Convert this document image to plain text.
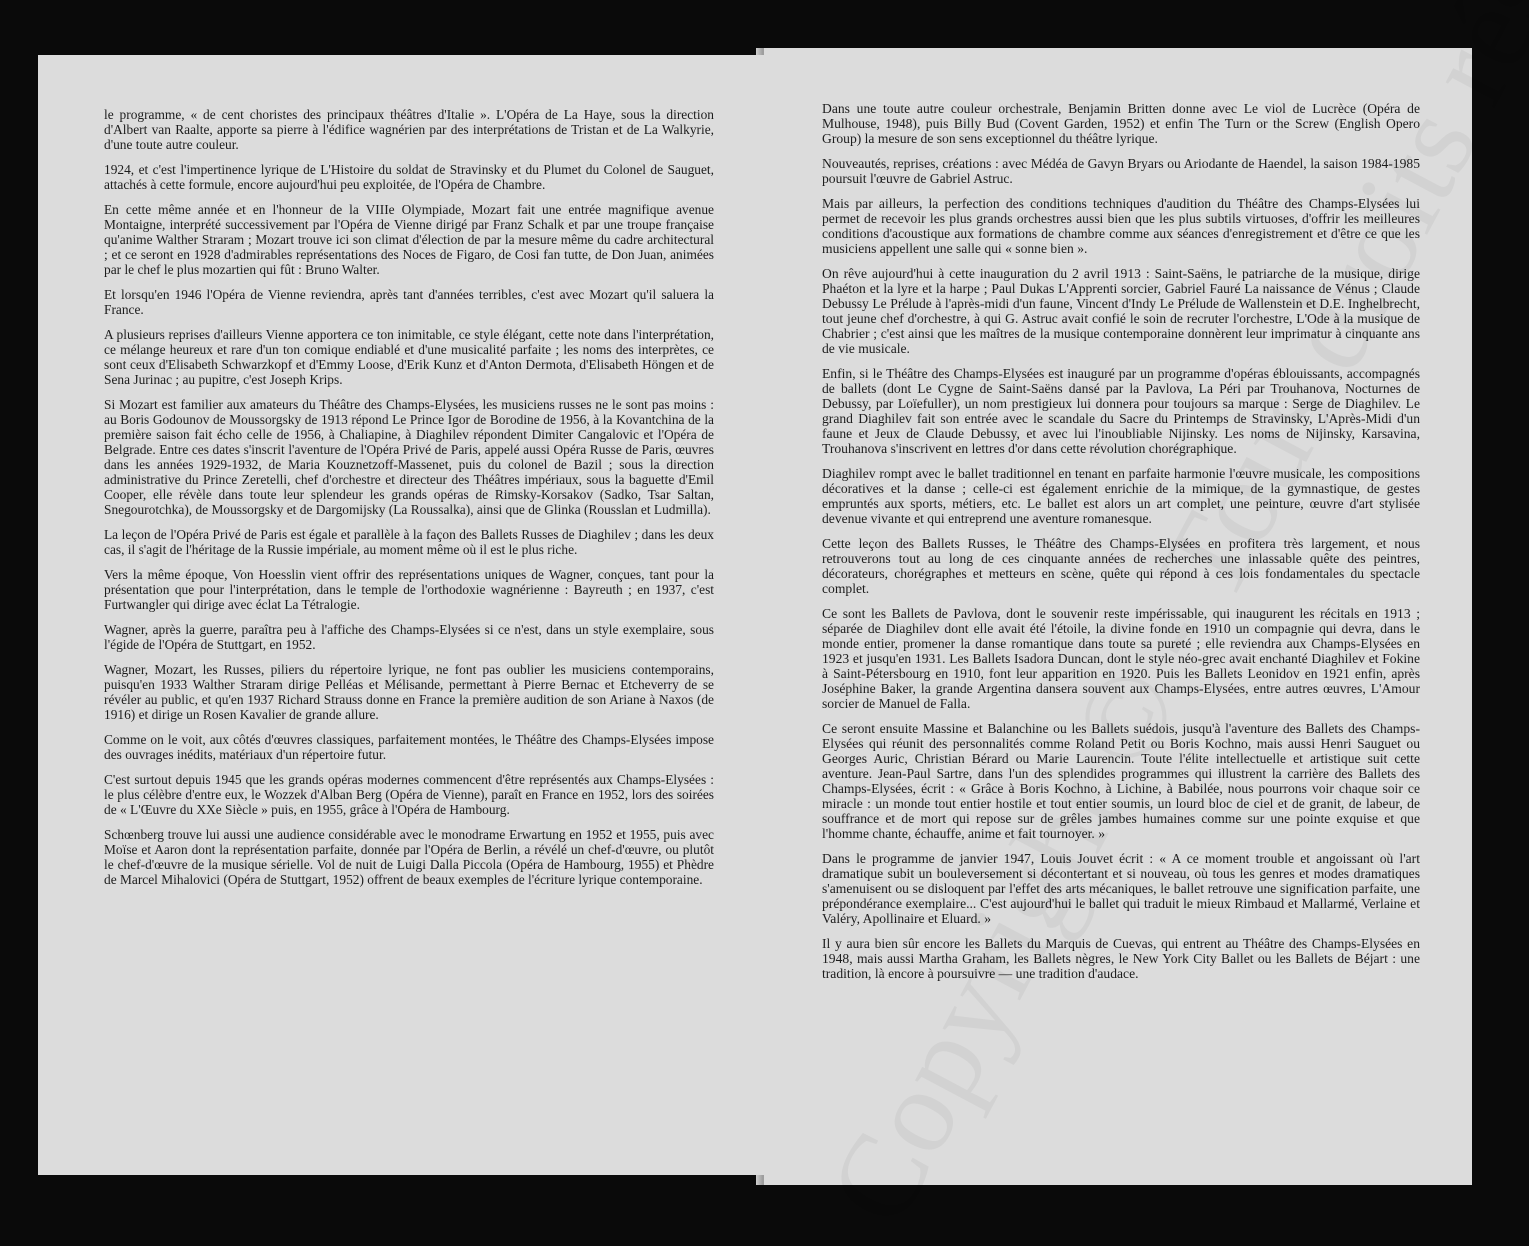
le programme, « de cent choristes des principaux théâtres d'Italie ». L'Opéra de La Haye, sous la direction d'Albert van Raalte, apporte sa pierre à l'édifice wagnérien par des interprétations de Tristan et de La Walkyrie, d'une toute autre couleur.

1924, et c'est l'impertinence lyrique de L'Histoire du soldat de Stravinsky et du Plumet du Colonel de Sauguet, attachés à cette formule, encore aujourd'hui peu exploitée, de l'Opéra de Chambre.

En cette même année et en l'honneur de la VIIIe Olympiade, Mozart fait une entrée magnifique avenue Montaigne, interprété successivement par l'Opéra de Vienne dirigé par Franz Schalk et par une troupe française qu'anime Walther Straram ; Mozart trouve ici son climat d'élection de par la mesure même du cadre architectural ; et ce seront en 1928 d'admirables représentations des Noces de Figaro, de Cosi fan tutte, de Don Juan, animées par le chef le plus mozartien qui fût : Bruno Walter.

Et lorsqu'en 1946 l'Opéra de Vienne reviendra, après tant d'années terribles, c'est avec Mozart qu'il saluera la France.

A plusieurs reprises d'ailleurs Vienne apportera ce ton inimitable, ce style élégant, cette note dans l'interprétation, ce mélange heureux et rare d'un ton comique endiablé et d'une musicalité parfaite ; les noms des interprètes, ce sont ceux d'Elisabeth Schwarzkopf et d'Emmy Loose, d'Erik Kunz et d'Anton Dermota, d'Elisabeth Höngen et de Sena Jurinac ; au pupitre, c'est Joseph Krips.

Si Mozart est familier aux amateurs du Théâtre des Champs-Elysées, les musiciens russes ne le sont pas moins : au Boris Godounov de Moussorgsky de 1913 répond Le Prince Igor de Borodine de 1956, à la Kovantchina de la première saison fait écho celle de 1956, à Chaliapine, à Diaghilev répondent Dimiter Cangalovic et l'Opéra de Belgrade. Entre ces dates s'inscrit l'aventure de l'Opéra Privé de Paris, appelé aussi Opéra Russe de Paris, œuvres dans les années 1929-1932, de Maria Kouznetzoff-Massenet, puis du colonel de Bazil ; sous la direction administrative du Prince Zeretelli, chef d'orchestre et directeur des Théâtres impériaux, sous la baguette d'Emil Cooper, elle révèle dans toute leur splendeur les grands opéras de Rimsky-Korsakov (Sadko, Tsar Saltan, Snegourotchka), de Moussorgsky et de Dargomijsky (La Roussalka), ainsi que de Glinka (Rousslan et Ludmilla).

La leçon de l'Opéra Privé de Paris est égale et parallèle à la façon des Ballets Russes de Diaghilev ; dans les deux cas, il s'agit de l'héritage de la Russie impériale, au moment même où il est le plus riche.

Vers la même époque, Von Hoesslin vient offrir des représentations uniques de Wagner, conçues, tant pour la présentation que pour l'interprétation, dans le temple de l'orthodoxie wagnérienne : Bayreuth ; en 1937, c'est Furtwangler qui dirige avec éclat La Tétralogie.

Wagner, après la guerre, paraîtra peu à l'affiche des Champs-Elysées si ce n'est, dans un style exemplaire, sous l'égide de l'Opéra de Stuttgart, en 1952.

Wagner, Mozart, les Russes, piliers du répertoire lyrique, ne font pas oublier les musiciens contemporains, puisqu'en 1933 Walther Straram dirige Pelléas et Mélisande, permettant à Pierre Bernac et Etcheverry de se révéler au public, et qu'en 1937 Richard Strauss donne en France la première audition de son Ariane à Naxos (de 1916) et dirige un Rosen Kavalier de grande allure.

Comme on le voit, aux côtés d'œuvres classiques, parfaitement montées, le Théâtre des Champs-Elysées impose des ouvrages inédits, matériaux d'un répertoire futur.

C'est surtout depuis 1945 que les grands opéras modernes commencent d'être représentés aux Champs-Elysées : le plus célèbre d'entre eux, le Wozzek d'Alban Berg (Opéra de Vienne), paraît en France en 1952, lors des soirées de « L'Œuvre du XXe Siècle » puis, en 1955, grâce à l'Opéra de Hambourg.

Schœnberg trouve lui aussi une audience considérable avec le monodrame Erwartung en 1952 et 1955, puis avec Moïse et Aaron dont la représentation parfaite, donnée par l'Opéra de Berlin, a révélé un chef-d'œuvre, ou plutôt le chef-d'œuvre de la musique sérielle. Vol de nuit de Luigi Dalla Piccola (Opéra de Hambourg, 1955) et Phèdre de Marcel Mihalovici (Opéra de Stuttgart, 1952) offrent de beaux exemples de l'écriture lyrique contemporaine.

Dans une toute autre couleur orchestrale, Benjamin Britten donne avec Le viol de Lucrèce (Opéra de Mulhouse, 1948), puis Billy Bud (Covent Garden, 1952) et enfin The Turn or the Screw (English Opero Group) la mesure de son sens exceptionnel du théâtre lyrique.

Nouveautés, reprises, créations : avec Médéa de Gavyn Bryars ou Ariodante de Haendel, la saison 1984-1985 poursuit l'œuvre de Gabriel Astruc.

Mais par ailleurs, la perfection des conditions techniques d'audition du Théâtre des Champs-Elysées lui permet de recevoir les plus grands orchestres aussi bien que les plus subtils virtuoses, d'offrir les meilleures conditions d'acoustique aux formations de chambre comme aux séances d'enregistrement et d'être ce que les musiciens appellent une salle qui « sonne bien ».

On rêve aujourd'hui à cette inauguration du 2 avril 1913 : Saint-Saëns, le patriarche de la musique, dirige Phaéton et la lyre et la harpe ; Paul Dukas L'Apprenti sorcier, Gabriel Fauré La naissance de Vénus ; Claude Debussy Le Prélude à l'après-midi d'un faune, Vincent d'Indy Le Prélude de Wallenstein et D.E. Inghelbrecht, tout jeune chef d'orchestre, à qui G. Astruc avait confié le soin de recruter l'orchestre, L'Ode à la musique de Chabrier ; c'est ainsi que les maîtres de la musique contemporaine donnèrent leur imprimatur à cinquante ans de vie musicale.

Enfin, si le Théâtre des Champs-Elysées est inauguré par un programme d'opéras éblouissants, accompagnés de ballets (dont Le Cygne de Saint-Saëns dansé par la Pavlova, La Péri par Trouhanova, Nocturnes de Debussy, par Loïefuller), un nom prestigieux lui donnera pour toujours sa marque : Serge de Diaghilev. Le grand Diaghilev fait son entrée avec le scandale du Sacre du Printemps de Stravinsky, L'Après-Midi d'un faune et Jeux de Claude Debussy, et avec lui l'inoubliable Nijinsky. Les noms de Nijinsky, Karsavina, Trouhanova s'inscrivent en lettres d'or dans cette révolution chorégraphique.

Diaghilev rompt avec le ballet traditionnel en tenant en parfaite harmonie l'œuvre musicale, les compositions décoratives et la danse ; celle-ci est également enrichie de la mimique, de la gymnastique, de gestes empruntés aux sports, métiers, etc. Le ballet est alors un art complet, une peinture, œuvre d'art stylisée devenue vivante et qui entreprend une aventure romanesque.

Cette leçon des Ballets Russes, le Théâtre des Champs-Elysées en profitera très largement, et nous retrouverons tout au long de ces cinquante années de recherches une inlassable quête des peintres, décorateurs, chorégraphes et metteurs en scène, quête qui répond à ces lois fondamentales du spectacle complet.

Ce sont les Ballets de Pavlova, dont le souvenir reste impérissable, qui inaugurent les récitals en 1913 ; séparée de Diaghilev dont elle avait été l'étoile, la divine fonde en 1910 un compagnie qui devra, dans le monde entier, promener la danse romantique dans toute sa pureté ; elle reviendra aux Champs-Elysées en 1923 et jusqu'en 1931. Les Ballets Isadora Duncan, dont le style néo-grec avait enchanté Diaghilev et Fokine à Saint-Pétersbourg en 1910, font leur apparition en 1920. Puis les Ballets Leonidov en 1921 enfin, après Joséphine Baker, la grande Argentina dansera souvent aux Champs-Elysées, entre autres œuvres, L'Amour sorcier de Manuel de Falla.

Ce seront ensuite Massine et Balanchine ou les Ballets suédois, jusqu'à l'aventure des Ballets des Champs-Elysées qui réunit des personnalités comme Roland Petit ou Boris Kochno, mais aussi Henri Sauguet ou Georges Auric, Christian Bérard ou Marie Laurencin. Toute l'élite intellectuelle et artistique suit cette aventure. Jean-Paul Sartre, dans l'un des splendides programmes qui illustrent la carrière des Ballets des Champs-Elysées, écrit : « Grâce à Boris Kochno, à Lichine, à Babilée, nous pourrons voir chaque soir ce miracle : un monde tout entier hostile et tout entier soumis, un lourd bloc de ciel et de granit, de labeur, de souffrance et de mort qui repose sur de grêles jambes humaines comme sur une pointe exquise et que l'homme chante, échauffe, anime et fait tournoyer. »

Dans le programme de janvier 1947, Louis Jouvet écrit : « A ce moment trouble et angoissant où l'art dramatique subit un bouleversement si décontertant et si nouveau, où tous les genres et modes dramatiques s'amenuisent ou se disloquent par l'effet des arts mécaniques, le ballet retrouve une signification parfaite, une prépondérance exemplaire... C'est aujourd'hui le ballet qui traduit le mieux Rimbaud et Mallarmé, Verlaine et Valéry, Apollinaire et Eluard. »

Il y aura bien sûr encore les Ballets du Marquis de Cuevas, qui entrent au Théâtre des Champs-Elysées en 1948, mais aussi Martha Graham, les Ballets nègres, le New York City Ballet ou les Ballets de Béjart : une tradition, là encore à poursuivre — une tradition d'audace.
